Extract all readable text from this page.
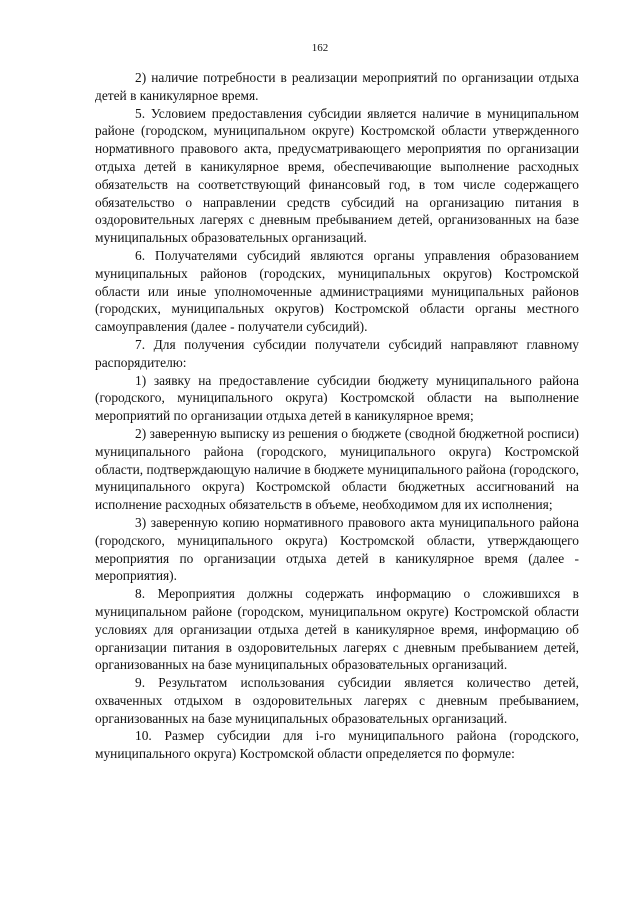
162

2) наличие потребности в реализации мероприятий по организации отдыха детей в каникулярное время.

5. Условием предоставления субсидии является наличие в муниципальном районе (городском, муниципальном округе) Костромской области утвержденного нормативного правового акта, предусматривающего мероприятия по организации отдыха детей в каникулярное время, обеспечивающие выполнение расходных обязательств на соответствующий финансовый год, в том числе содержащего обязательство о направлении средств субсидий на организацию питания в оздоровительных лагерях с дневным пребыванием детей, организованных на базе муниципальных образовательных организаций.

6. Получателями субсидий являются органы управления образованием муниципальных районов (городских, муниципальных округов) Костромской области или иные уполномоченные администрациями муниципальных районов (городских, муниципальных округов) Костромской области органы местного самоуправления (далее - получатели субсидий).

7. Для получения субсидии получатели субсидий направляют главному распорядителю:

1) заявку на предоставление субсидии бюджету муниципального района (городского, муниципального округа) Костромской области на выполнение мероприятий по организации отдыха детей в каникулярное время;

2) заверенную выписку из решения о бюджете (сводной бюджетной росписи) муниципального района (городского, муниципального округа) Костромской области, подтверждающую наличие в бюджете муниципального района (городского, муниципального округа) Костромской области бюджетных ассигнований на исполнение расходных обязательств в объеме, необходимом для их исполнения;

3) заверенную копию нормативного правового акта муниципального района (городского, муниципального округа) Костромской области, утверждающего мероприятия по организации отдыха детей в каникулярное время (далее - мероприятия).

8. Мероприятия должны содержать информацию о сложившихся в муниципальном районе (городском, муниципальном округе) Костромской области условиях для организации отдыха детей в каникулярное время, информацию об организации питания в оздоровительных лагерях с дневным пребыванием детей, организованных на базе муниципальных образовательных организаций.

9. Результатом использования субсидии является количество детей, охваченных отдыхом в оздоровительных лагерях с дневным пребыванием, организованных на базе муниципальных образовательных организаций.

10. Размер субсидии для i-го муниципального района (городского, муниципального округа) Костромской области определяется по формуле:
